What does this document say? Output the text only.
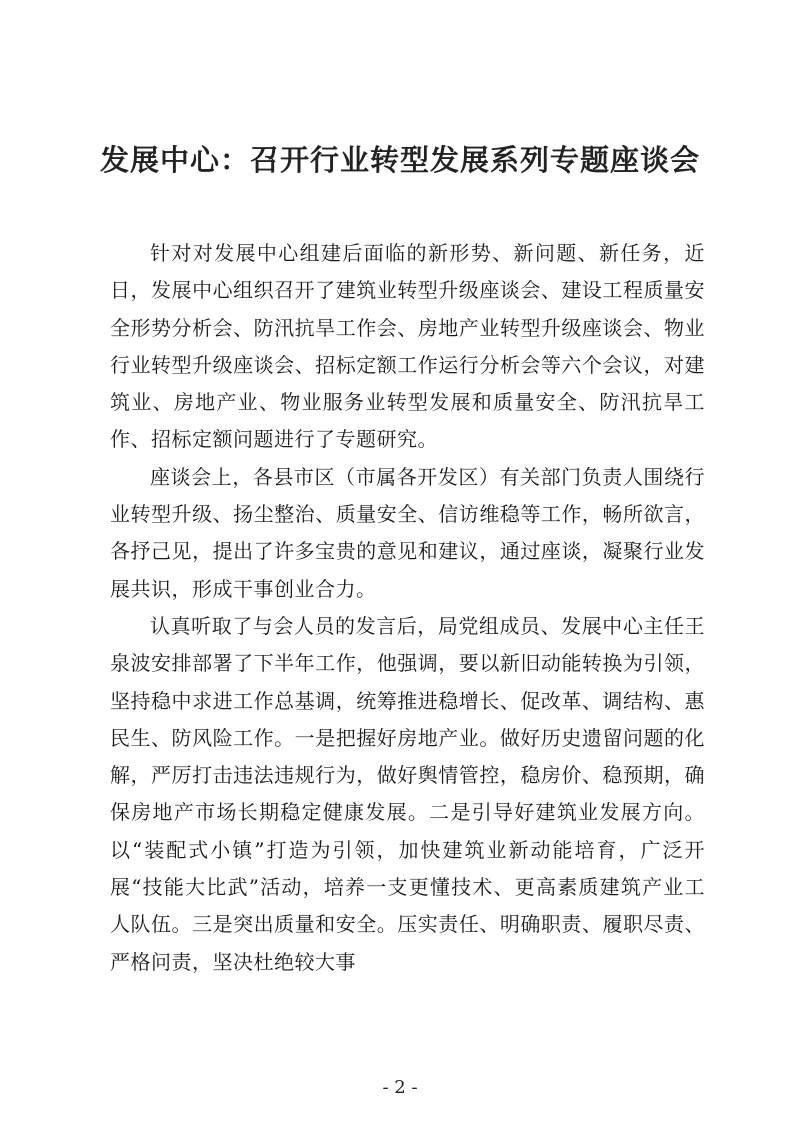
发展中心：召开行业转型发展系列专题座谈会

针对对发展中心组建后面临的新形势、新问题、新任务，近日，发展中心组织召开了建筑业转型升级座谈会、建设工程质量安全形势分析会、防汛抗旱工作会、房地产业转型升级座谈会、物业行业转型升级座谈会、招标定额工作运行分析会等六个会议，对建筑业、房地产业、物业服务业转型发展和质量安全、防汛抗旱工作、招标定额问题进行了专题研究。

座谈会上，各县市区（市属各开发区）有关部门负责人围绕行业转型升级、扬尘整治、质量安全、信访维稳等工作，畅所欲言，各抒己见，提出了许多宝贵的意见和建议，通过座谈，凝聚行业发展共识，形成干事创业合力。

认真听取了与会人员的发言后，局党组成员、发展中心主任王泉波安排部署了下半年工作，他强调，要以新旧动能转换为引领，坚持稳中求进工作总基调，统筹推进稳增长、促改革、调结构、惠民生、防风险工作。一是把握好房地产业。做好历史遗留问题的化解，严厉打击违法违规行为，做好舆情管控，稳房价、稳预期，确保房地产市场长期稳定健康发展。二是引导好建筑业发展方向。以“装配式小镇”打造为引领，加快建筑业新动能培育，广泛开展“技能大比武”活动，培养一支更懂技术、更高素质建筑产业工人队伍。三是突出质量和安全。压实责任、明确职责、履职尽责、严格问责，坚决杜绝较大事

- 2 -
